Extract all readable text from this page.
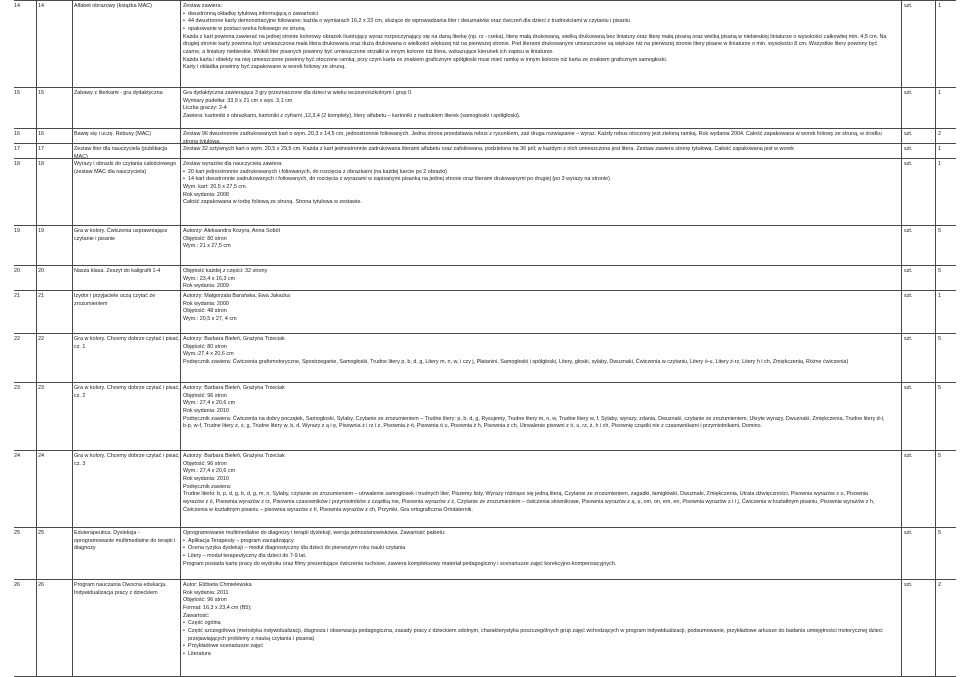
14	14	Alfabet obrazowy (książka MAC)	Zestaw zawiera:
• dwustronną okładkę tytułową informującą o zawartości
• 44 dwustronne karty demonstracyjne foliowane; każda o wymiarach 16,2 x 23 cm, służące do wprowadzania liter i dwuznaków oraz ćwiczeń dla dzieci z trudnościami w czytaniu i pisaniu
• opakowanie w postaci worka foliowego ze struną
Każda z kart powinna zawierać na jednej stronie kolorowy obrazek ilustrujący wyraz rozpoczynający się na daną literkę (np. rz - rzeka), literę małą drukowaną, wielką drukowaną bez liniatury oraz literę małą pisaną oraz wielką pisaną w niebieskiej liniaturze o wysokości całkowitej min. 4,5 cm. Na drugiej stronie karty powinna być umieszczona mała litera drukowana oraz duża drukowana o wielkości większej niż na pierwszej stronie. Pod literami drukowanymi umieszczone są większe niż na pierwszej stronie litery pisane w liniaturze o min. wysokości 8 cm. Wszystkie litery powinny być czarne, a liniatury niebieskie. Wokół liter pisanych powinny być umieszczone strzałki w innym kolorze niż litera, wskazujące kierunek ich zapisu w liniaturze.
Każda karta i obiekty na niej umieszczone powinny być otoczone ramką; przy czym karta ze znakiem graficznym spółgłoski musi mieć ramkę w innym kolorze niż karta ze znakiem graficznym samogłoski.
Karty i okładka powinny być zapakowane w worek foliowy ze struną.
szt.	1
15	15	Zabawy z literkami - gra dydaktyczna	Gra dydaktyczna zawierająca 3 gry przeznaczone dla dzieci w wieku wczesnoszkolnym i grup 0.
Wymiary pudełka: 33,9 x 21 cm x wys. 3,1 cm
Liczba graczy: 2-4
Zawiera: kartoniki z obrazkami, kartoniki z cyframi ,12,3,4 (2 komplety), litery alfabetu – kartoniki z nadrukiem literek (samogłoski i spółgłoski).
szt.	1
16	16	Bawię się i uczę. Rebusy (MAC)	Zestaw 96 dwustronnie zadrukowanych kart o wym. 20,3 x 14,5 cm, jednostronnie foliowanych. Jedna strona przedstawia rebus z rysunkiem, zaś druga rozwiązanie – wyraz. Każdy rebus otoczony jest zieloną ramką. Rok wydania 2004. Całość zapakowana w worek foliowy ze struną, w środku strona tytułowa.
szt.	2
17	17	Zestaw liter dla nauczyciela (publikacja MAC)
Zestaw 32 sztywnych kart o wym. 20,5 x 29,5 cm. Każda z kart jednostronnie zadrukowana literami alfabetu oraz zafoliowana, podzielona na 36 pól; w każdym z nich umieszczona jest litera. Zestaw zawiera stronę tytułową. Całość zapakowana jest w worek	szt.	1
18	18	Wyrazy i obrazki do czytania całościowego (zestaw MAC dla nauczyciela)
Zestaw wyrazów dla nauczyciela zawiera:
• 20 kart jednostronnie zadrukowanych i foliowanych, do rozcięcia z obrazkami (na każdej karcie po 2 obrazki)
• 14 kart dwustronnie zadrukowanych i foliowanych, do rozcięcia z wyrazami w zapisanymi pisanką na jednej stronie oraz literami drukowanymi po drugiej (po 3 wyrazy na stronie)
Wym. kart: 20,5 x 27,5 cm.
Rok wydania: 2008
Całość zapakowana w torbę foliową ze struną. Strona tytułowa w zestawie.
szt.	1
19	19	Gra w kolory. Ćwiczenia usprawniające czytanie i pisanie
Autorzy: Aleksandra Kozyra, Anna Soból
Objętość: 80 stron
Wym.: 21 x 27,5 cm
szt.	5
20	20	Nasza klasa. Zeszyt do kaligrafii 1-4	Objętość każdej z części: 32 strony
Wym.: 23,4 x 16,3 cm
Rok wydania: 2009
szt.	5
21	21	Izydor i przyjaciele uczą czytać ze zrozumieniem
Autorzy: Małgorzata Barańska, Ewa Jakacka
Rok wydania: 2000
Objętość: 48 stron
Wym.: 20,5 x 27, 4 cm
szt.	1
22	22	Gra w kolory. Chcemy dobrze czytać i pisać, cz. 1
Autorzy: Barbara Bieleń, Grażyna Trzeciak
Objętość: 80 stron
Wym.:27,4 x 20,6 cm
Podręcznik zawiera: Ćwiczenia grafomotoryczne, Spostrzeganie, Samogłoski, Trudne litery p, b, d, g, Litery m, n, w, i czy j, Płatanini, Samogłoski i spółgłoski, Litery, głoski, sylaby, Dwuznaki, Ćwiczenia w czytaniu, Litery ó-u, Litery ż-rz, Litery h i ch, Zmiękczenia, Różne ćwiczenia)
szt.	5
23	23	Gra w kolory. Chcemy dobrze czytać i pisać, cz. 2
Autorzy: Barbara Bieleń, Grażyna Trzeciak
Objętość: 96 stron
Wym.: 27,4 x 20,6 cm
Rok wydania: 2010
Podręcznik zawiera: Ćwiczenia na dobry początek, Samogłoski, Sylaby, Czytanie ze zrozumieniem – Trudne litery: p, b, d, g, Rysujemy, Trudne litery m, n, w, Trudne litery w, f, Sylaby, wyrazy, zdania, Dwuznaki, czytanie ze zrozumieniem, Ukryte wyrazy, Dwuznaki, Zmiękczenia, Trudne litery d-t, b-p, w-f, Trudne litery z, s, g, Trudne litery w, b, d, Wyrazy z ą i ę, Pisownia ż i rz i z, Pisownia ż-ó, Pisownia ó u, Pisownia ż h, Pisownia z ch, Utrwalenie pisowni z ó, u, rz, ż, h i ch, Pisownię cząstki nie z czasownikami i przymiotnikami, Domino.
szt.	5
24	24	Gra w kolory. Chcemy dobrze czytać i pisać, cz. 3
Autorzy: Barbara Bieleń, Grażyna Trzeciak
Objętość: 96 stron
Wym.: 27,4 x 20,6 cm
Rok wydania: 2010
Podręcznik zawiera:
Trudne literki: b, p, d, g, b, d, g, m, n, Sylaby, czytanie ze zrozumieniem – utrwalenie samogłosek i trudnych liter, Piszemy listy, Wyrazy różniące się jedną literą, Czytanie ze zrozumieniem, zagadki, łamigłówki, Dwuznaki, Zmiękczenia, Utrata dźwięczności, Pisownia wyrazów z u, Pisownia wyrazów z ó, Pisownia wyrazów z rz, Pisownia czasowników i przymiotników z cząstką nie, Pisownia wyrazów z ż, Czytanie ze zrozumieniem – ćwiczenia słownikowe, Pisownia wyrazów z ą, ę, om, on, em, en, Pisownia wyrazów z i i j, Ćwiczenia w kształtnym pisaniu, Pisownia wyrazów z h, Ćwiczenia w kształtnym pisaniu – pisownia wyrazów z h, Pisownia wyrazów z ch, Przymki, Gra ortograficzna Ortotaternik.
szt.	5
25	25	Eduterapeutica. Dysleksja - oprogramowanie multimedialne do terapii i diagnozy
Oprogramowanie multimedialne do diagnozy i terapii dysleksji, wersja jednostanowiskowa. Zawartość pakietu:
• Aplikacja Terapeuty – program zarządzający
• Ocena ryzyka dysleksji – moduł diagnostyczny dla dzieci do pierwszym roku nauki czytania
• Litery – moduł terapeutyczny dla dzieci do 7-9 lat.
Program posiada kartę pracy do wydruku oraz filmy prezentujące ćwiczenia ruchowe, zawiera kompleksowy materiał pedagogiczny i scenariusze zajęć korekcyjno-kompensacyjnych.
szt.	5
26	26	Program nauczania Owocna edukacja. Indywidualizacja pracy z dzieckiem
Autor: Elżbieta Chmielewska
Rok wydania: 2011
Objętość: 96 stron
Format: 16,3 x 23,4 cm (B5);
Zawartość:
• Część ogólna
• Część szczegółowa (metodyka indywidualizacji, diagnoza i obserwacja pedagogiczna, zasady pracy z dzieckiem zdolnym, charakterystyka poszczególnych grup zajęć wchodzących w program indywidualizacji, podsumowanie, przykładowe arkusze do badania umiejętności motorycznej dzieci przejawiających problemy z nauką czytania i pisania)
• Przykładowe scenariusze zajęć
• Literatura
szt.	2
